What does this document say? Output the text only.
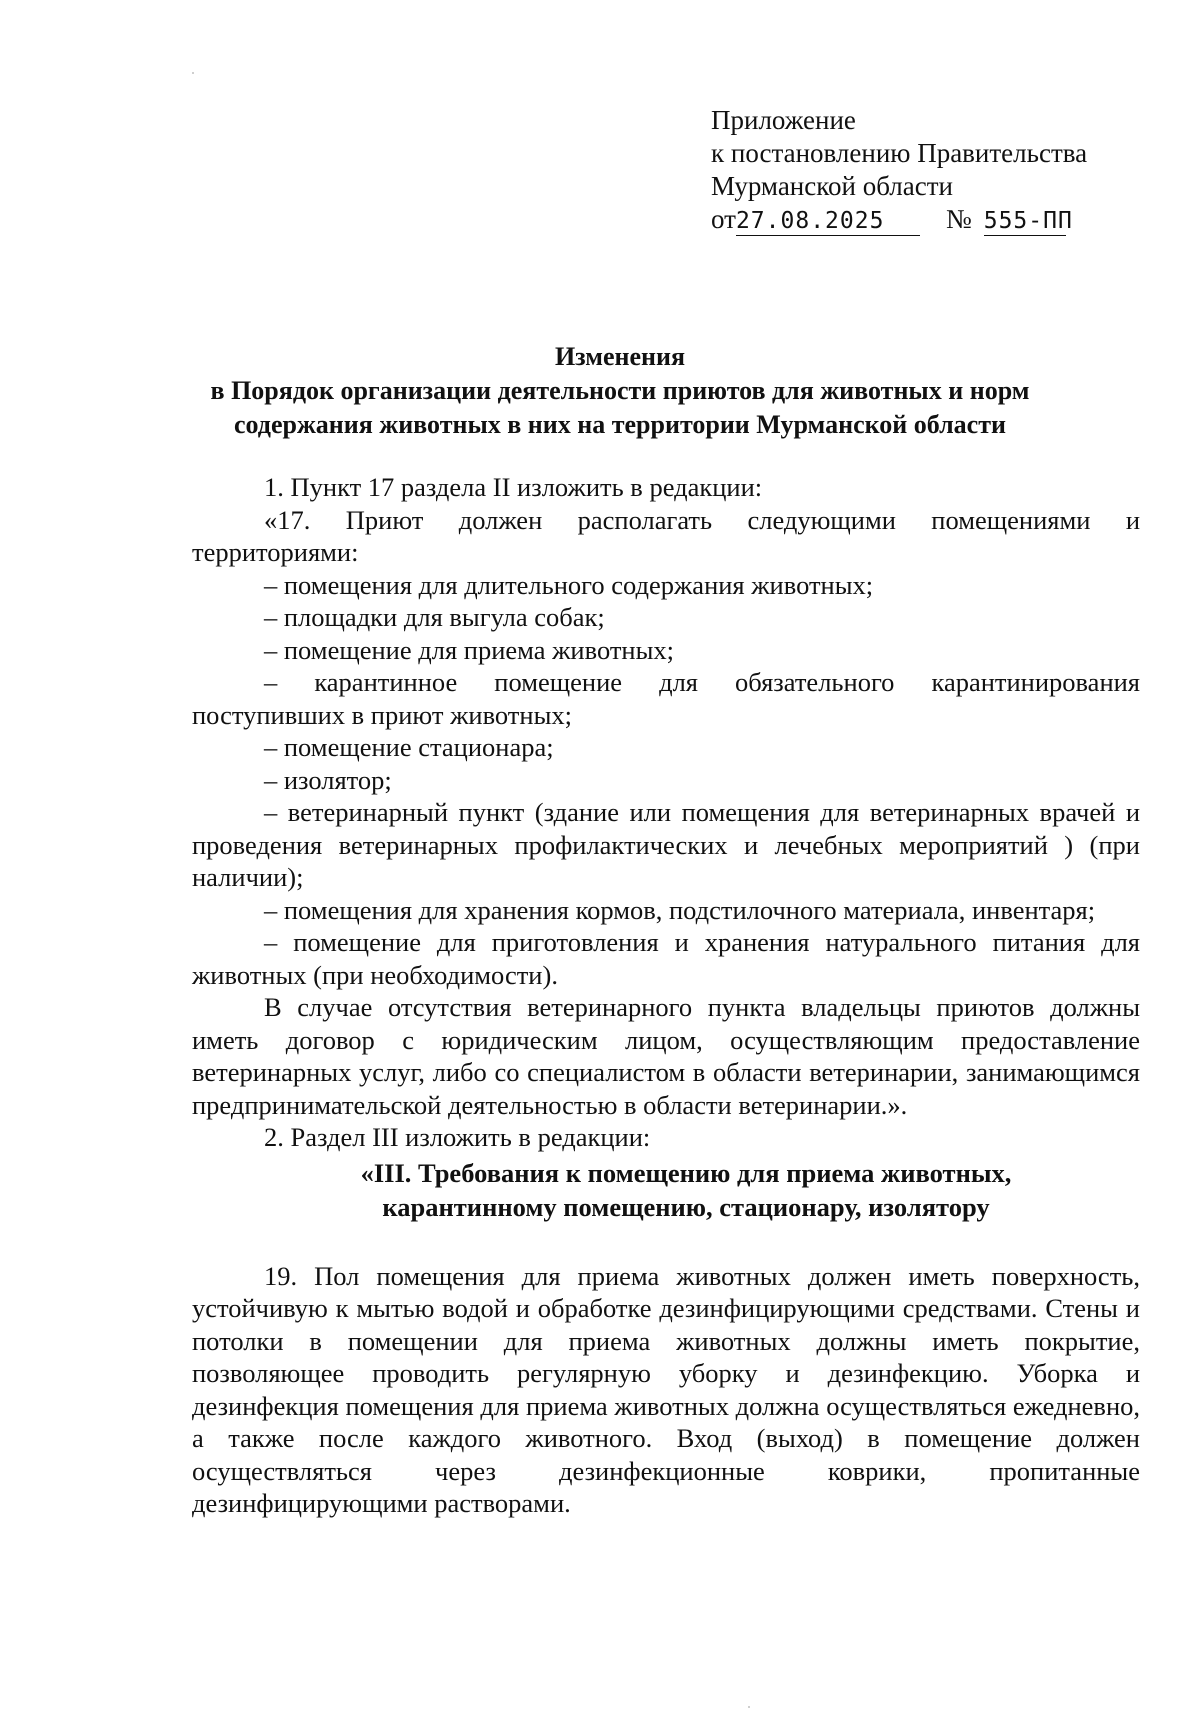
Приложение
к постановлению Правительства
Мурманской области
от 27.08.2025	№ 555-ПП
Изменения
в Порядок организации деятельности приютов для животных и норм
содержания животных в них на территории Мурманской области

1. Пункт 17 раздела II изложить в редакции:

«17. Приют должен располагать следующими помещениями и территориями:

– помещения для длительного содержания животных;

– площадки для выгула собак;

– помещение для приема животных;

– карантинное помещение для обязательного карантинирования поступивших в приют животных;

– помещение стационара;

– изолятор;

– ветеринарный пункт (здание или помещения для ветеринарных врачей и проведения ветеринарных профилактических и лечебных мероприятий ) (при наличии);

– помещения для хранения кормов, подстилочного материала, инвентаря;

– помещение для приготовления и хранения натурального питания для животных (при необходимости).

В случае отсутствия ветеринарного пункта владельцы приютов должны иметь договор с юридическим лицом, осуществляющим предоставление ветеринарных услуг, либо со специалистом в области ветеринарии, занимающимся предпринимательской деятельностью в области ветеринарии.».

2. Раздел III изложить в редакции:

«III. Требования к помещению для приема животных,
карантинному помещению, стационару, изолятору

19. Пол помещения для приема животных должен иметь поверхность, устойчивую к мытью водой и обработке дезинфицирующими средствами. Стены и потолки в помещении для приема животных должны иметь покрытие, позволяющее проводить регулярную уборку и дезинфекцию. Уборка и дезинфекция помещения для приема животных должна осуществляться ежедневно, а также после каждого животного. Вход (выход) в помещение должен осуществляться через дезинфекционные коврики, пропитанные дезинфицирующими растворами.
